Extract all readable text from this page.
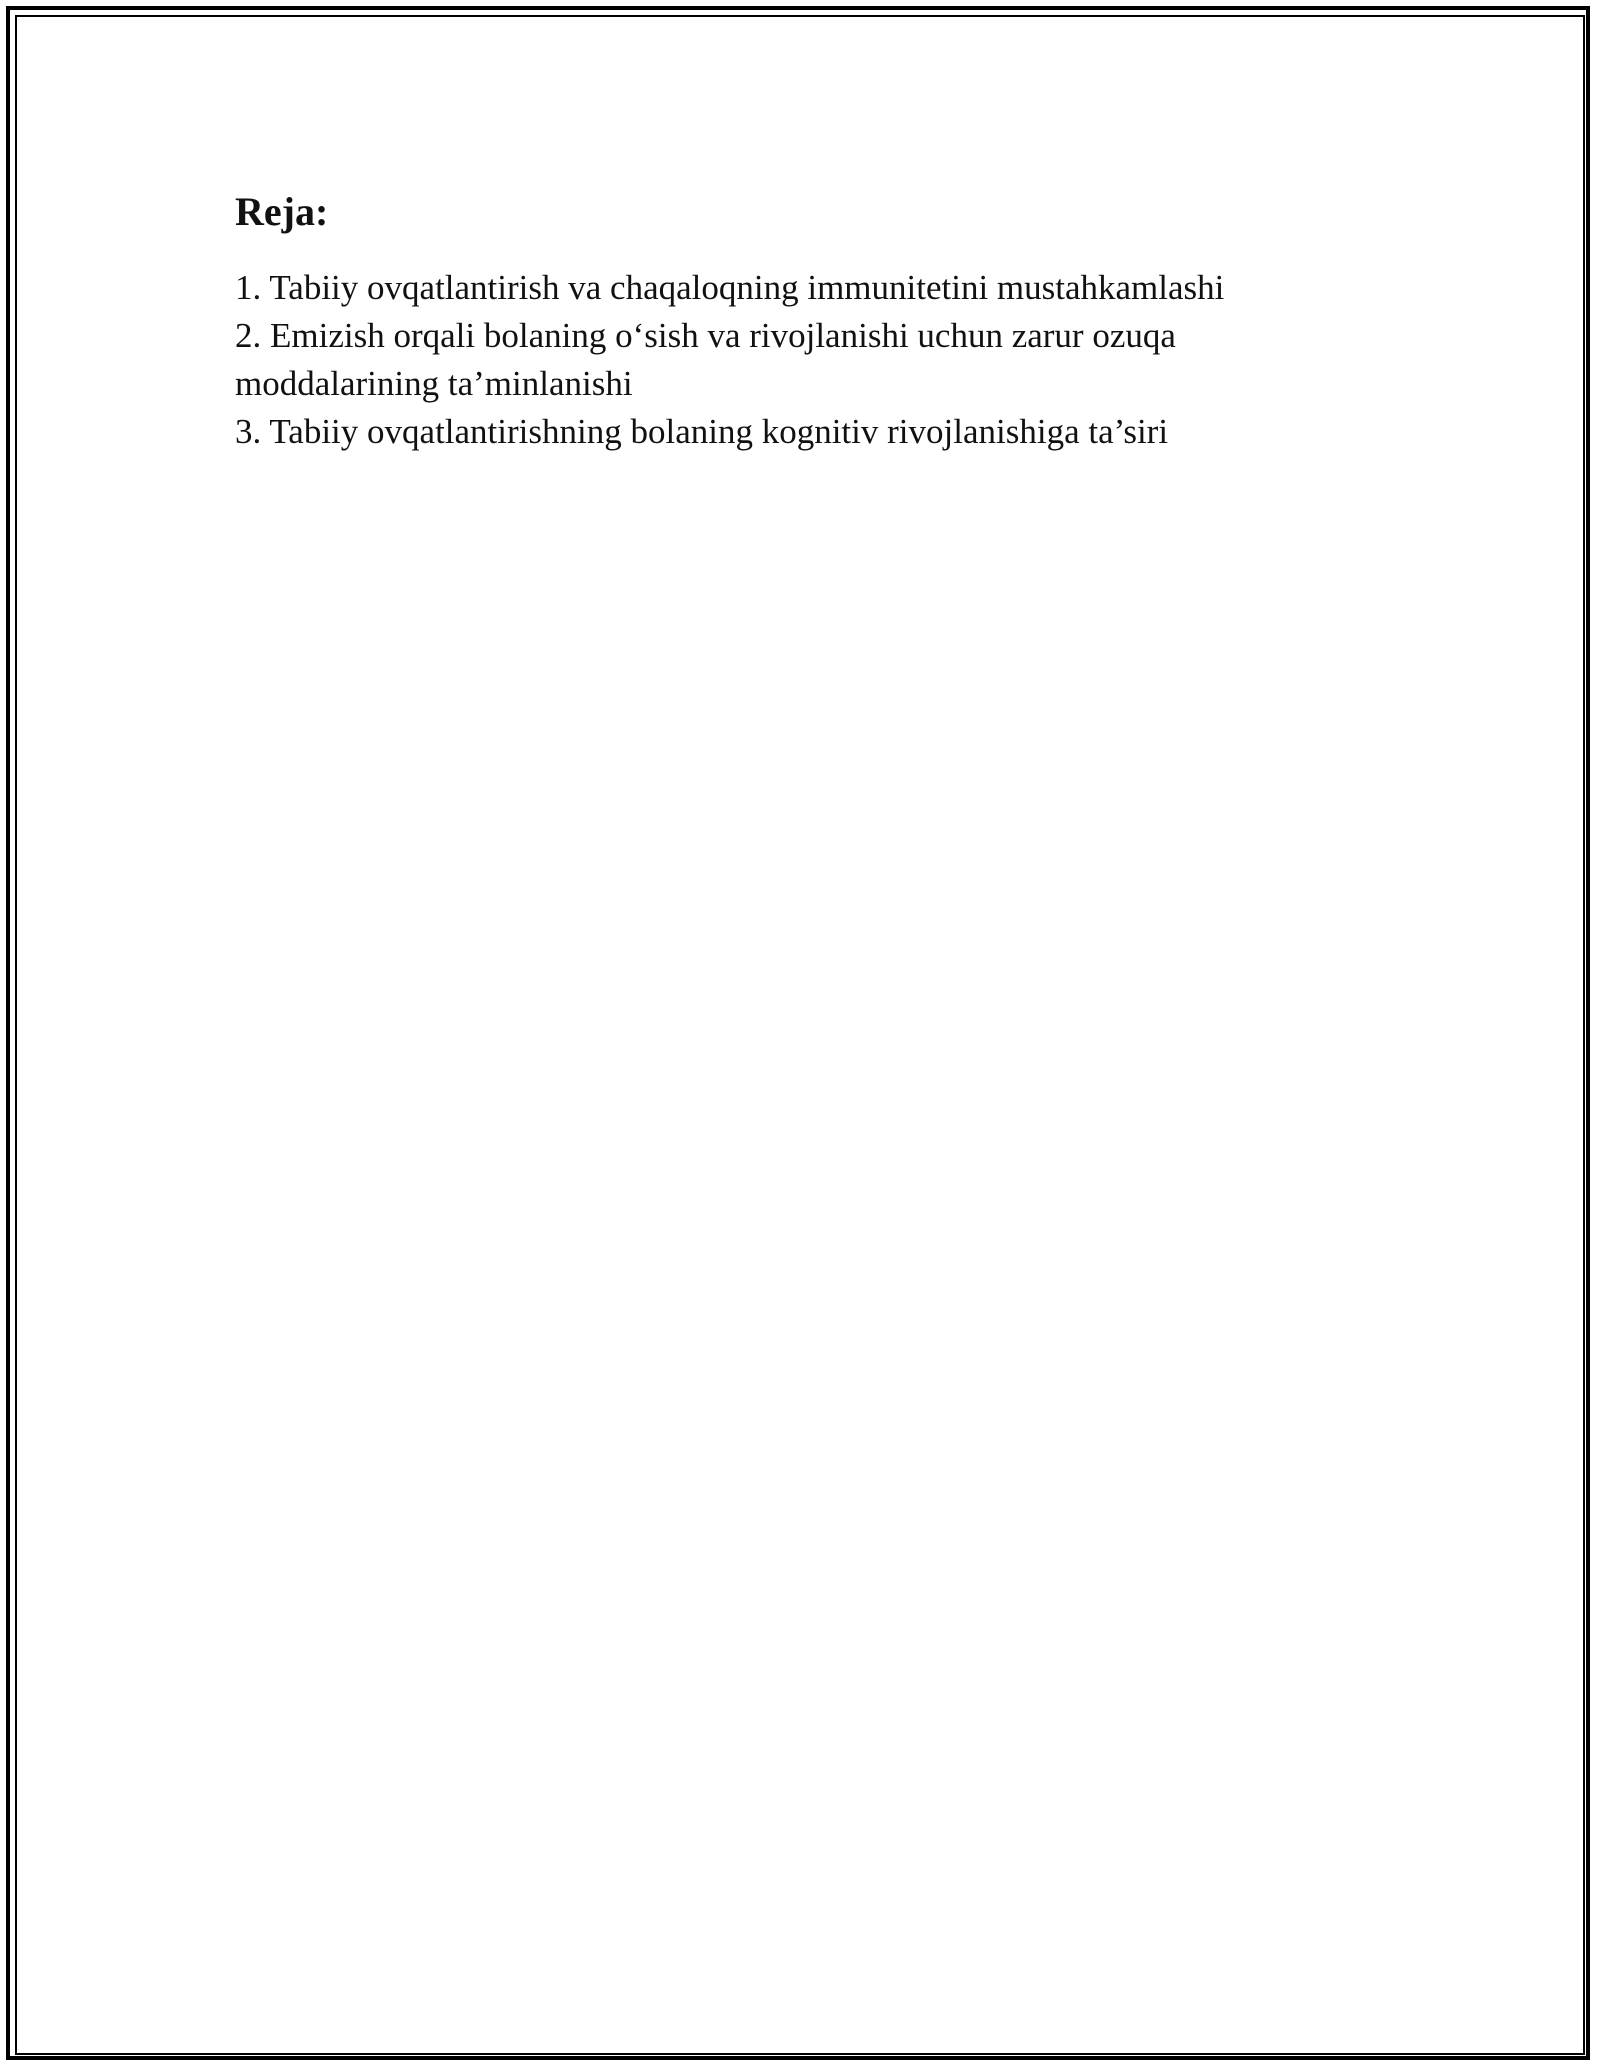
Reja:
1. Tabiiy ovqatlantirish va chaqaloqning immunitetini mustahkamlashi
2. Emizish orqali bolaning o‘sish va rivojlanishi uchun zarur ozuqa moddalarining ta’minlanishi
3. Tabiiy ovqatlantirishning bolaning kognitiv rivojlanishiga ta’siri
